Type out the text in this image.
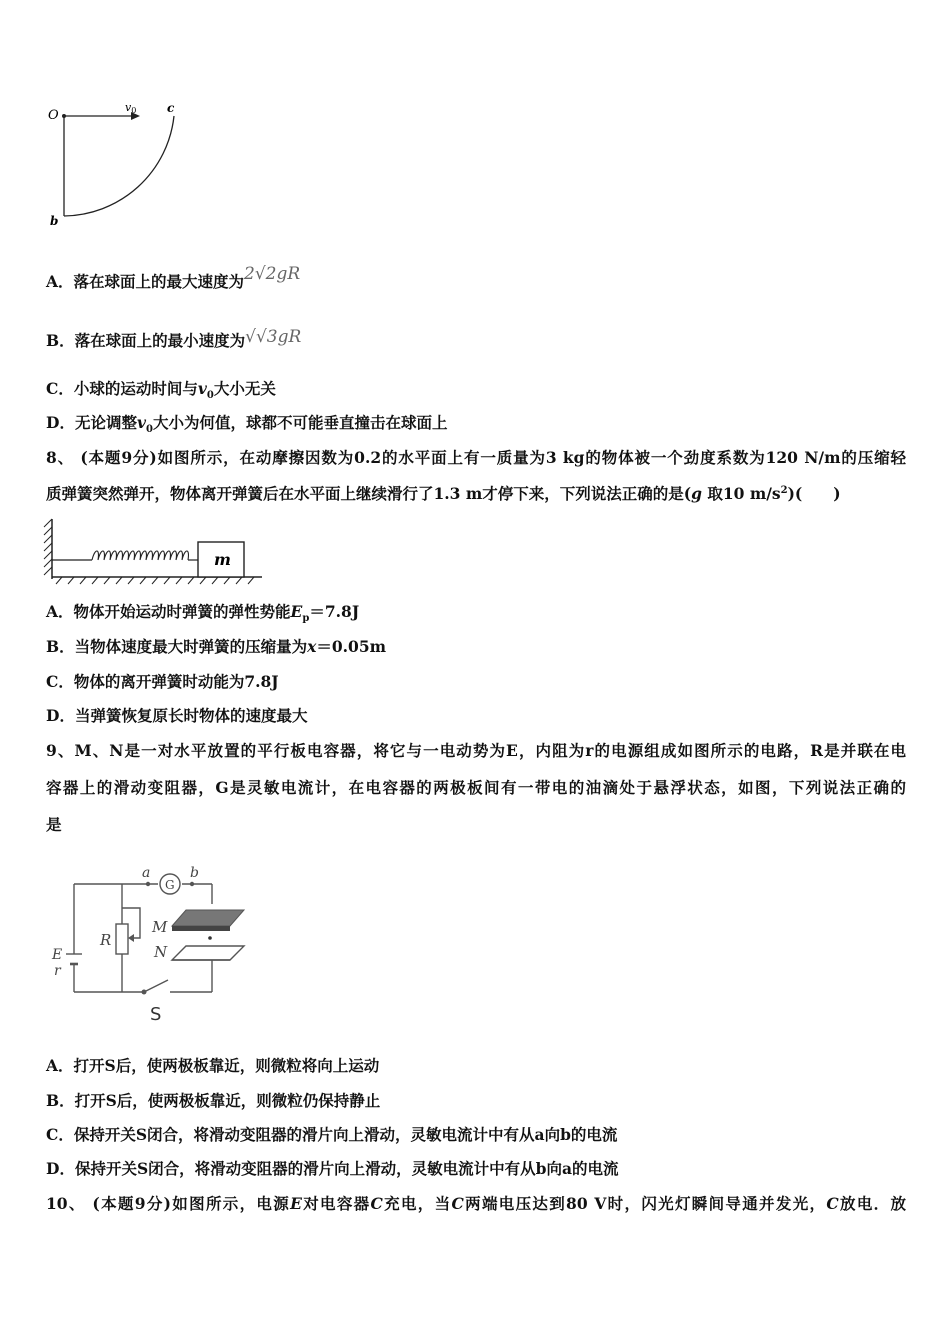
O
v0	c
b
A．落在球面上的最大速度为2√2gR
B．落在球面上的最小速度为√√3gR
C．小球的运动时间与$v_0$大小无关
D．无论调整$v_0$大小为何值，球都不可能垂直撞击在球面上
8、 (本题9分)如图所示，在动摩擦因数为0.2的水平面上有一质量为3 kg的物体被一个劲度系数为120 N/m的压缩轻
质弹簧突然弹开，物体离开弹簧后在水平面上继续滑行了1.3 m才停下来，下列说法正确的是(g 取10 $m/s^2$)(　　)
m
A．物体开始运动时弹簧的弹性势能$E_p=7.8J$
B．当物体速度最大时弹簧的压缩量为x＝0.05m
C．物体的离开弹簧时动能为7.8J
D．当弹簧恢复原长时物体的速度最大
9、M、N是一对水平放置的平行板电容器，将它与一电动势为E，内阻为r的电源组成如图所示的电路，R是并联在电
容器上的滑动变阻器，G是灵敏电流计，在电容器的两极板间有一带电的油滴处于悬浮状态，如图，下列说法正确的
是
G
a	b
R
M
N
E
r
S
A．打开S后，使两极板靠近，则微粒将向上运动
B．打开S后，使两极板靠近，则微粒仍保持静止
C．保持开关S闭合，将滑动变阻器的滑片向上滑动，灵敏电流计中有从a向b的电流
D．保持开关S闭合，将滑动变阻器的滑片向上滑动，灵敏电流计中有从b向a的电流
10、 (本题9分)如图所示，电源E对电容器C充电，当C两端电压达到80 V时，闪光灯瞬间导通并发光，C放电．放
